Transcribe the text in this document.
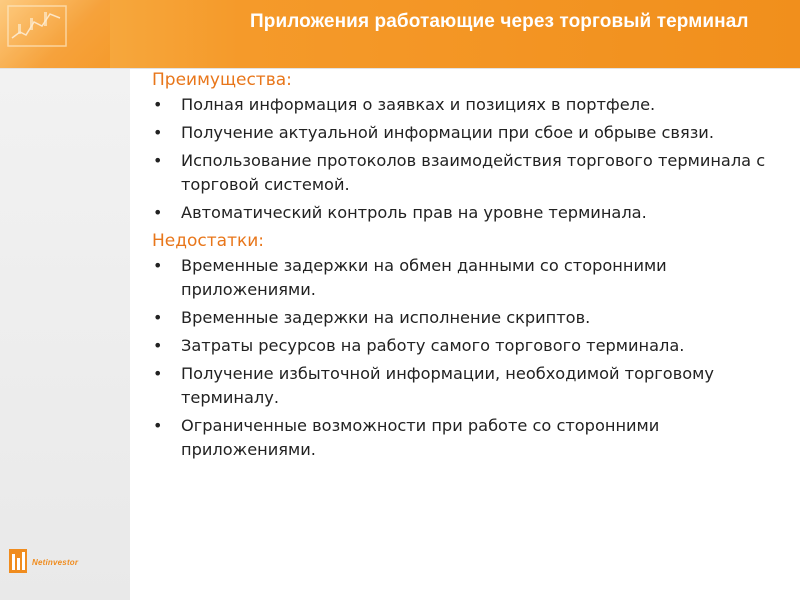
Приложения работающие через торговый терминал
Преимущества:
• Полная информация о заявках и позициях в портфеле.
• Получение актуальной информации при сбое и обрыве связи.
• Использование протоколов взаимодействия торгового терминала с торговой системой.
• Автоматический контроль прав на уровне терминала.
Недостатки:
• Временные задержки на обмен данными со сторонними приложениями.
• Временные задержки на исполнение скриптов.
• Затраты ресурсов на работу самого торгового терминала.
• Получение избыточной информации, необходимой торговому терминалу.
• Ограниченные возможности при работе со сторонними приложениями.
Netinvestor
